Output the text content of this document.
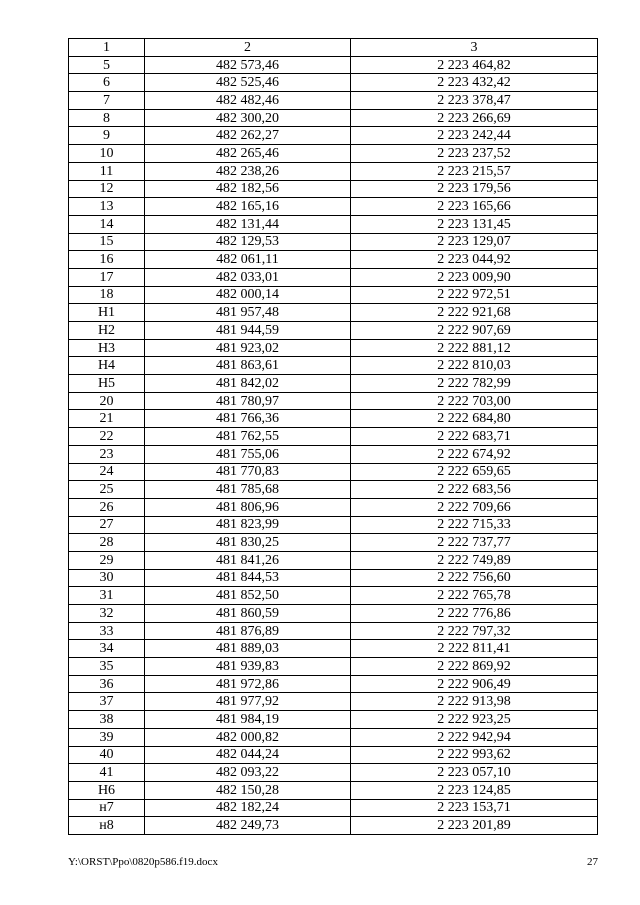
1	2	3
5	482 573,46	2 223 464,82
6	482 525,46	2 223 432,42
7	482 482,46	2 223 378,47
8	482 300,20	2 223 266,69
9	482 262,27	2 223 242,44
10	482 265,46	2 223 237,52
11	482 238,26	2 223 215,57
12	482 182,56	2 223 179,56
13	482 165,16	2 223 165,66
14	482 131,44	2 223 131,45
15	482 129,53	2 223 129,07
16	482 061,11	2 223 044,92
17	482 033,01	2 223 009,90
18	482 000,14	2 222 972,51
Н1	481 957,48	2 222 921,68
Н2	481 944,59	2 222 907,69
Н3	481 923,02	2 222 881,12
Н4	481 863,61	2 222 810,03
Н5	481 842,02	2 222 782,99
20	481 780,97	2 222 703,00
21	481 766,36	2 222 684,80
22	481 762,55	2 222 683,71
23	481 755,06	2 222 674,92
24	481 770,83	2 222 659,65
25	481 785,68	2 222 683,56
26	481 806,96	2 222 709,66
27	481 823,99	2 222 715,33
28	481 830,25	2 222 737,77
29	481 841,26	2 222 749,89
30	481 844,53	2 222 756,60
31	481 852,50	2 222 765,78
32	481 860,59	2 222 776,86
33	481 876,89	2 222 797,32
34	481 889,03	2 222 811,41
35	481 939,83	2 222 869,92
36	481 972,86	2 222 906,49
37	481 977,92	2 222 913,98
38	481 984,19	2 222 923,25
39	482 000,82	2 222 942,94
40	482 044,24	2 222 993,62
41	482 093,22	2 223 057,10
Н6	482 150,28	2 223 124,85
н7	482 182,24	2 223 153,71
н8	482 249,73	2 223 201,89
Y:\ORST\Ppo\0820p586.f19.docx	27
